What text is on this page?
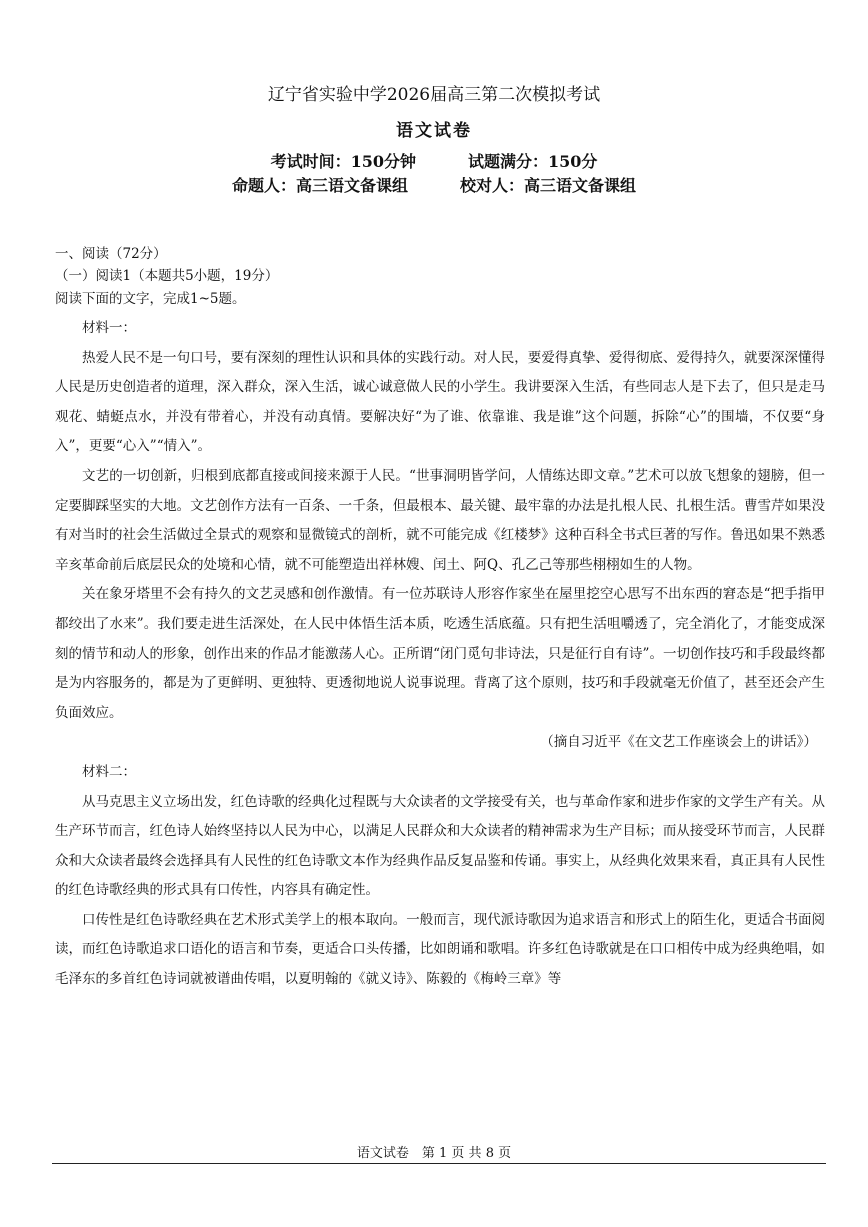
辽宁省实验中学2026届高三第二次模拟考试
语文试卷
考试时间：150分钟	试题满分：150分
命题人：高三语文备课组	校对人：高三语文备课组
一、阅读（72分）
（一）阅读1（本题共5小题，19分）
阅读下面的文字，完成1~5题。

材料一：

热爱人民不是一句口号，要有深刻的理性认识和具体的实践行动。对人民，要爱得真挚、爱得彻底、爱得持久，就要深深懂得人民是历史创造者的道理，深入群众，深入生活，诚心诚意做人民的小学生。我讲要深入生活，有些同志人是下去了，但只是走马观花、蜻蜓点水，并没有带着心，并没有动真情。要解决好“为了谁、依靠谁、我是谁”这个问题，拆除“心”的围墙，不仅要“身入”，更要“心入”“情入”。

文艺的一切创新，归根到底都直接或间接来源于人民。“世事洞明皆学问，人情练达即文章。”艺术可以放飞想象的翅膀，但一定要脚踩坚实的大地。文艺创作方法有一百条、一千条，但最根本、最关键、最牢靠的办法是扎根人民、扎根生活。曹雪芹如果没有对当时的社会生活做过全景式的观察和显微镜式的剖析，就不可能完成《红楼梦》这种百科全书式巨著的写作。鲁迅如果不熟悉辛亥革命前后底层民众的处境和心情，就不可能塑造出祥林嫂、闰土、阿Q、孔乙己等那些栩栩如生的人物。

关在象牙塔里不会有持久的文艺灵感和创作激情。有一位苏联诗人形容作家坐在屋里挖空心思写不出东西的窘态是“把手指甲都绞出了水来”。我们要走进生活深处，在人民中体悟生活本质，吃透生活底蕴。只有把生活咀嚼透了，完全消化了，才能变成深刻的情节和动人的形象，创作出来的作品才能激荡人心。正所谓“闭门觅句非诗法，只是征行自有诗”。一切创作技巧和手段最终都是为内容服务的，都是为了更鲜明、更独特、更透彻地说人说事说理。背离了这个原则，技巧和手段就毫无价值了，甚至还会产生负面效应。

（摘自习近平《在文艺工作座谈会上的讲话》）

材料二：

从马克思主义立场出发，红色诗歌的经典化过程既与大众读者的文学接受有关，也与革命作家和进步作家的文学生产有关。从生产环节而言，红色诗人始终坚持以人民为中心，以满足人民群众和大众读者的精神需求为生产目标；而从接受环节而言，人民群众和大众读者最终会选择具有人民性的红色诗歌文本作为经典作品反复品鉴和传诵。事实上，从经典化效果来看，真正具有人民性的红色诗歌经典的形式具有口传性，内容具有确定性。

口传性是红色诗歌经典在艺术形式美学上的根本取向。一般而言，现代派诗歌因为追求语言和形式上的陌生化，更适合书面阅读，而红色诗歌追求口语化的语言和节奏，更适合口头传播，比如朗诵和歌唱。许多红色诗歌就是在口口相传中成为经典绝唱，如毛泽东的多首红色诗词就被谱曲传唱，以夏明翰的《就义诗》、陈毅的《梅岭三章》等

语文试卷　第 1 页 共 8 页
